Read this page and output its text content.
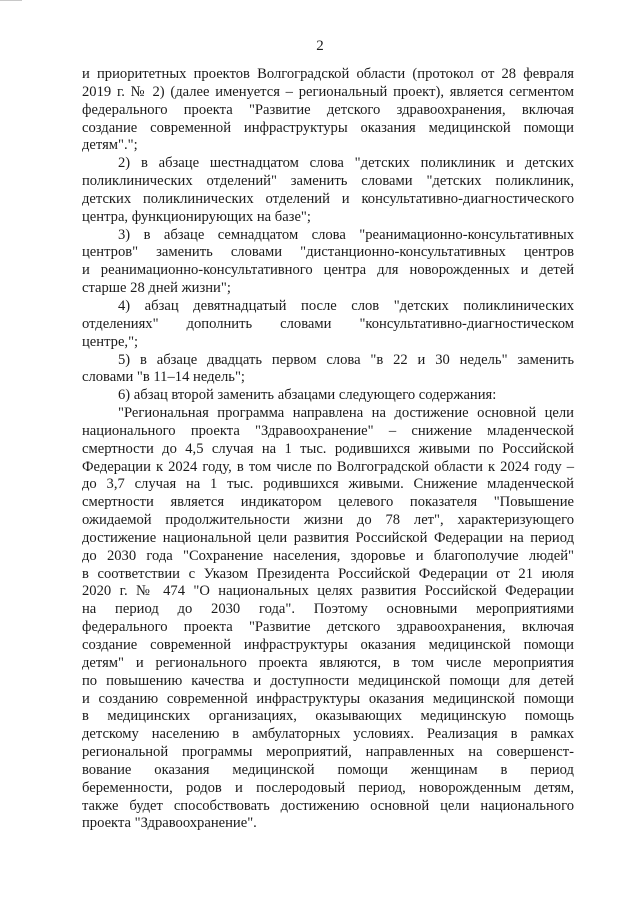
2
и приоритетных проектов Волгоградской области (протокол от 28 февраля
2019 г. № 2) (далее именуется – региональный проект), является сегментом
федерального проекта "Развитие детского здравоохранения, включая
создание современной инфраструктуры оказания медицинской помощи
детям".";
2) в абзаце шестнадцатом слова "детских поликлиник и детских
поликлинических отделений" заменить словами "детских поликлиник,
детских поликлинических отделений и консультативно-диагностического
центра, функционирующих на базе";
3) в абзаце семнадцатом слова "реанимационно-консультативных
центров" заменить словами "дистанционно-консультативных центров
и реанимационно-консультативного центра для новорожденных и детей
старше 28 дней жизни";
4) абзац девятнадцатый после слов "детских поликлинических
отделениях" дополнить словами "консультативно-диагностическом
центре,";
5) в абзаце двадцать первом слова "в 22 и 30 недель" заменить
словами "в 11–14 недель";
6) абзац второй заменить абзацами следующего содержания:
"Региональная программа направлена на достижение основной цели
национального проекта "Здравоохранение" – снижение младенческой
смертности до 4,5 случая на 1 тыс. родившихся живыми по Российской
Федерации к 2024 году, в том числе по Волгоградской области к 2024 году –
до 3,7 случая на 1 тыс. родившихся живыми. Снижение младенческой
смертности является индикатором целевого показателя "Повышение
ожидаемой продолжительности жизни до 78 лет", характеризующего
достижение национальной цели развития Российской Федерации на период
до 2030 года "Сохранение населения, здоровье и благополучие людей"
в соответствии с Указом Президента Российской Федерации от 21 июля
2020 г. № 474 "О национальных целях развития Российской Федерации
на период до 2030 года". Поэтому основными мероприятиями
федерального проекта "Развитие детского здравоохранения, включая
создание современной инфраструктуры оказания медицинской помощи
детям" и регионального проекта являются, в том числе мероприятия
по повышению качества и доступности медицинской помощи для детей
и созданию современной инфраструктуры оказания медицинской помощи
в медицинских организациях, оказывающих медицинскую помощь
детскому населению в амбулаторных условиях. Реализация в рамках
региональной программы мероприятий, направленных на совершенст-
вование оказания медицинской помощи женщинам в период
беременности, родов и послеродовый период, новорожденным детям,
также будет способствовать достижению основной цели национального
проекта "Здравоохранение".
